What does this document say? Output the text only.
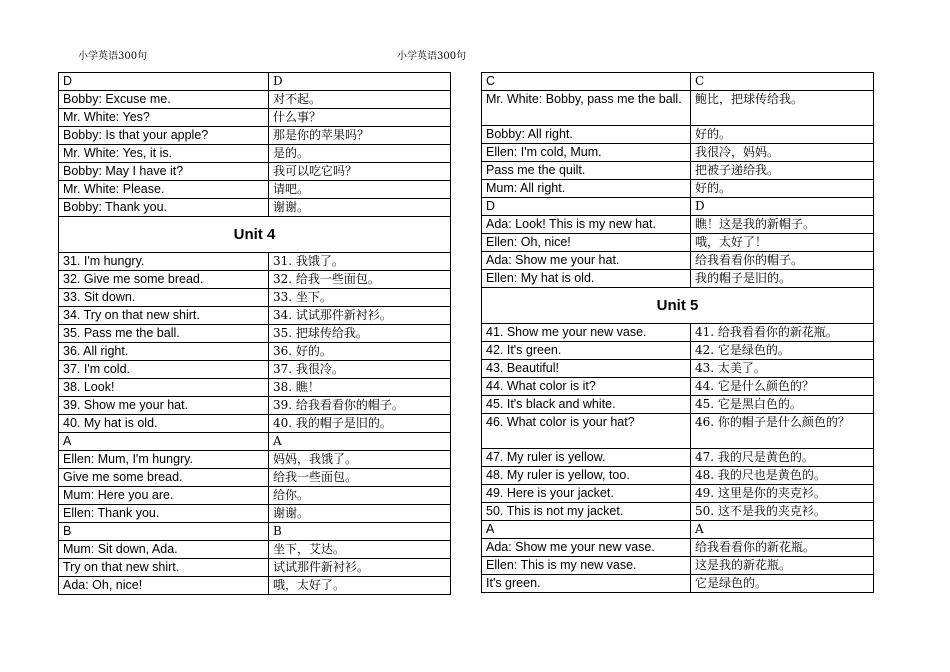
小学英语300句	小学英语300句
D	D
Bobby: Excuse me.	对不起。
Mr. White: Yes?	什么事？
Bobby: Is that your apple?	那是你的苹果吗？
Mr. White: Yes, it is.	是的。
Bobby: May I have it?	我可以吃它吗？
Mr. White: Please.	请吧。
Bobby: Thank you.	谢谢。
Unit 4	
31. I'm hungry.	31. 我饿了。
32. Give me some bread.	32. 给我一些面包。
33. Sit down.	33. 坐下。
34. Try on that new shirt.	34. 试试那件新衬衫。
35. Pass me the ball.	35. 把球传给我。
36. All right.	36. 好的。
37. I'm cold.	37. 我很冷。
38. Look!	38. 瞧！
39. Show me your hat.	39. 给我看看你的帽子。
40. My hat is old.	40. 我的帽子是旧的。
A	A
Ellen: Mum, I'm hungry.	妈妈，我饿了。
Give me some bread.	给我一些面包。
Mum: Here you are.	给你。
Ellen: Thank you.	谢谢。
B	B
Mum: Sit down, Ada.	坐下，艾达。
Try on that new shirt.	试试那件新衬衫。
Ada: Oh, nice!	哦，太好了。
C	C
Mr. White: Bobby, pass me the ball.	鲍比，把球传给我。
Bobby: All right.	好的。
Ellen: I'm cold, Mum.	我很冷，妈妈。
Pass me the quilt.	把被子递给我。
Mum: All right.	好的。
D	D
Ada: Look! This is my new hat.	瞧！这是我的新帽子。
Ellen: Oh, nice!	哦，太好了！
Ada: Show me your hat.	给我看看你的帽子。
Ellen: My hat is old.	我的帽子是旧的。
Unit 5	
41. Show me your new vase.	41. 给我看看你的新花瓶。
42. It's green.	42. 它是绿色的。
43. Beautiful!	43. 太美了。
44. What color is it?	44. 它是什么颜色的？
45. It's black and white.	45. 它是黑白色的。
46. What color is your hat?	46. 你的帽子是什么颜色的？
47. My ruler is yellow.	47. 我的尺是黄色的。
48. My ruler is yellow, too.	48. 我的尺也是黄色的。
49. Here is your jacket.	49. 这里是你的夹克衫。
50. This is not my jacket.	50. 这不是我的夹克衫。
A	A
Ada: Show me your new vase.	给我看看你的新花瓶。
Ellen: This is my new vase.	这是我的新花瓶。
It's green.	它是绿色的。
